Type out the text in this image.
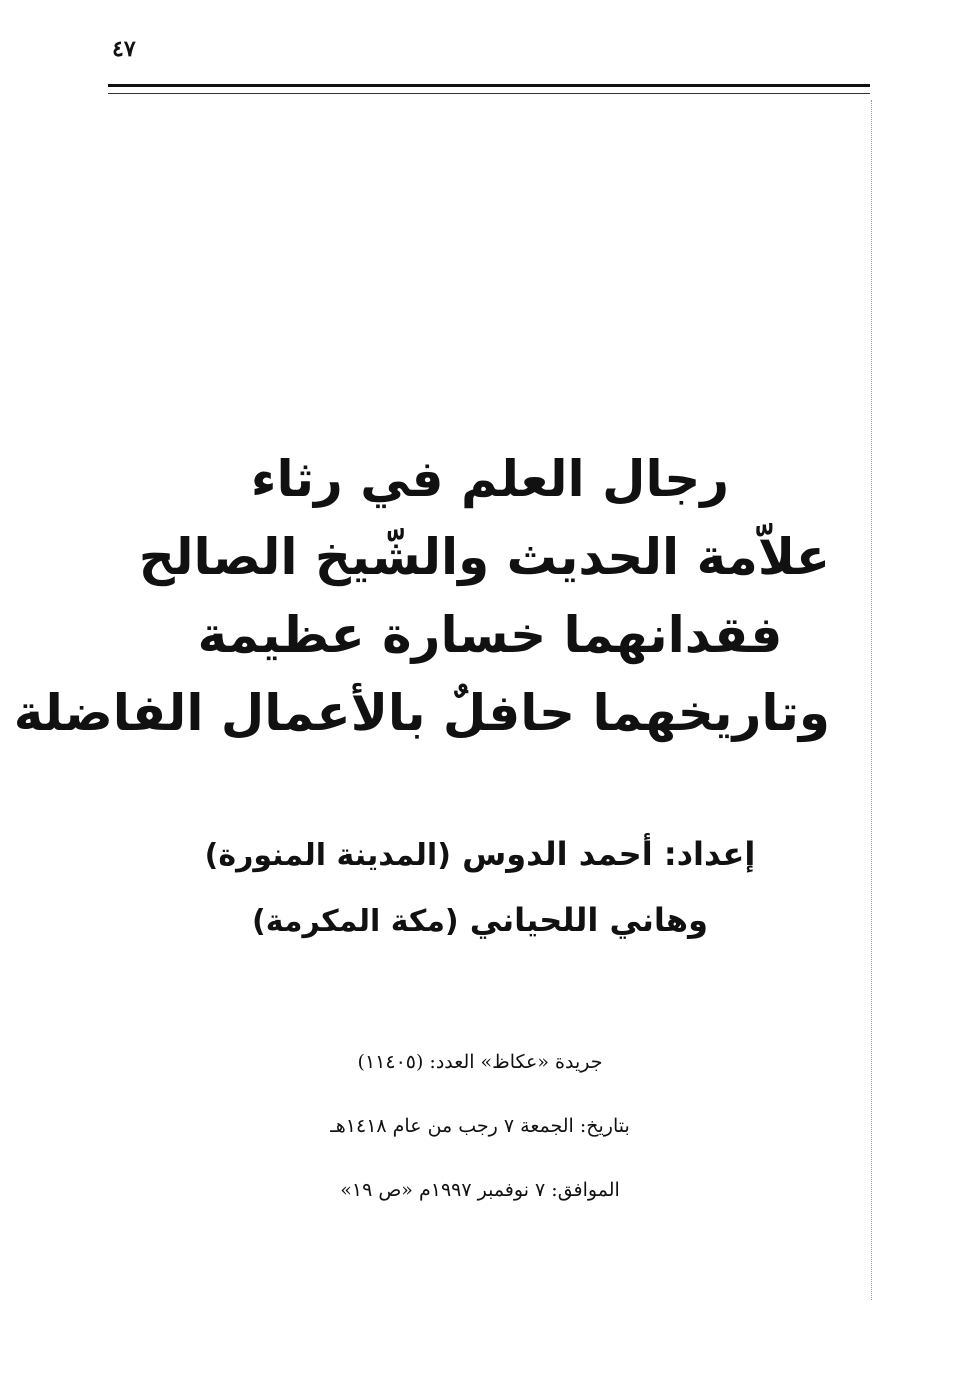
٤٧
رجال العلم في رثاء
علاّمة الحديث والشّيخ الصالح
فقدانهما خسارة عظيمة
وتاريخهما حافلٌ بالأعمال الفاضلة
إعداد: أحمد الدوس (المدينة المنورة)
وهاني اللحياني (مكة المكرمة)
جريدة «عكاظ» العدد: (١١٤٠٥)
بتاريخ: الجمعة ٧ رجب من عام ١٤١٨هـ
الموافق: ٧ نوفمبر ١٩٩٧م «ص ١٩»
